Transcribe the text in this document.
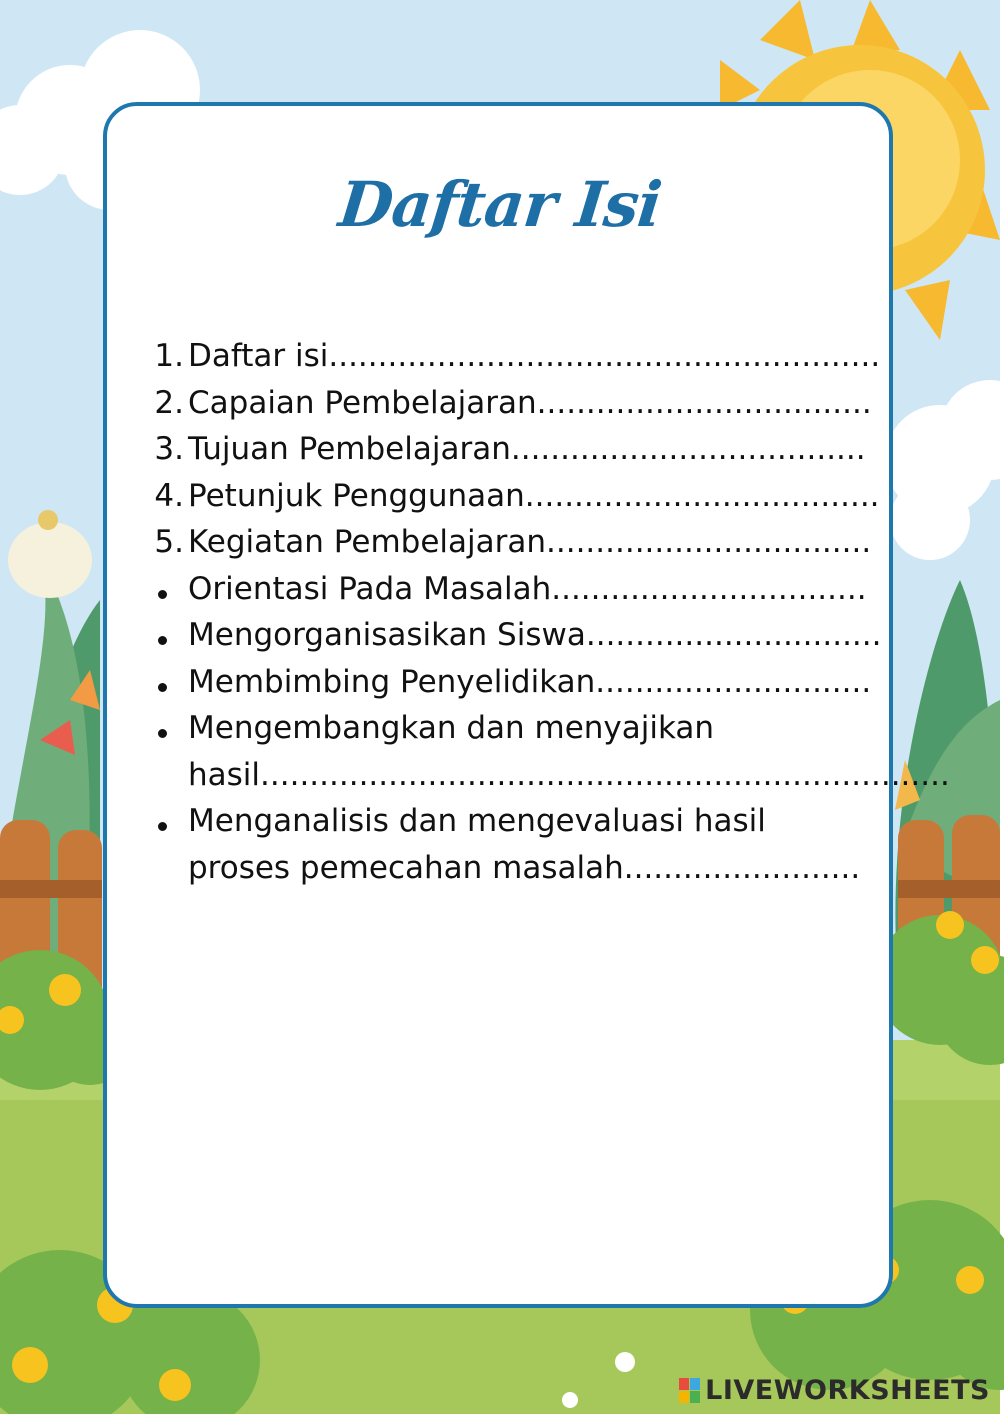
Daftar Isi
1. Daftar isi........................................................
2. Capaian Pembelajaran..................................
3. Tujuan Pembelajaran....................................
4. Petunjuk Penggunaan....................................
5. Kegiatan Pembelajaran.................................
Orientasi Pada Masalah................................
Mengorganisasikan Siswa..............................
Membimbing Penyelidikan............................
Mengembangkan dan menyajikan
hasil......................................................................
Menganalisis dan mengevaluasi hasil
proses pemecahan masalah........................
LIVEWORKSHEETS
